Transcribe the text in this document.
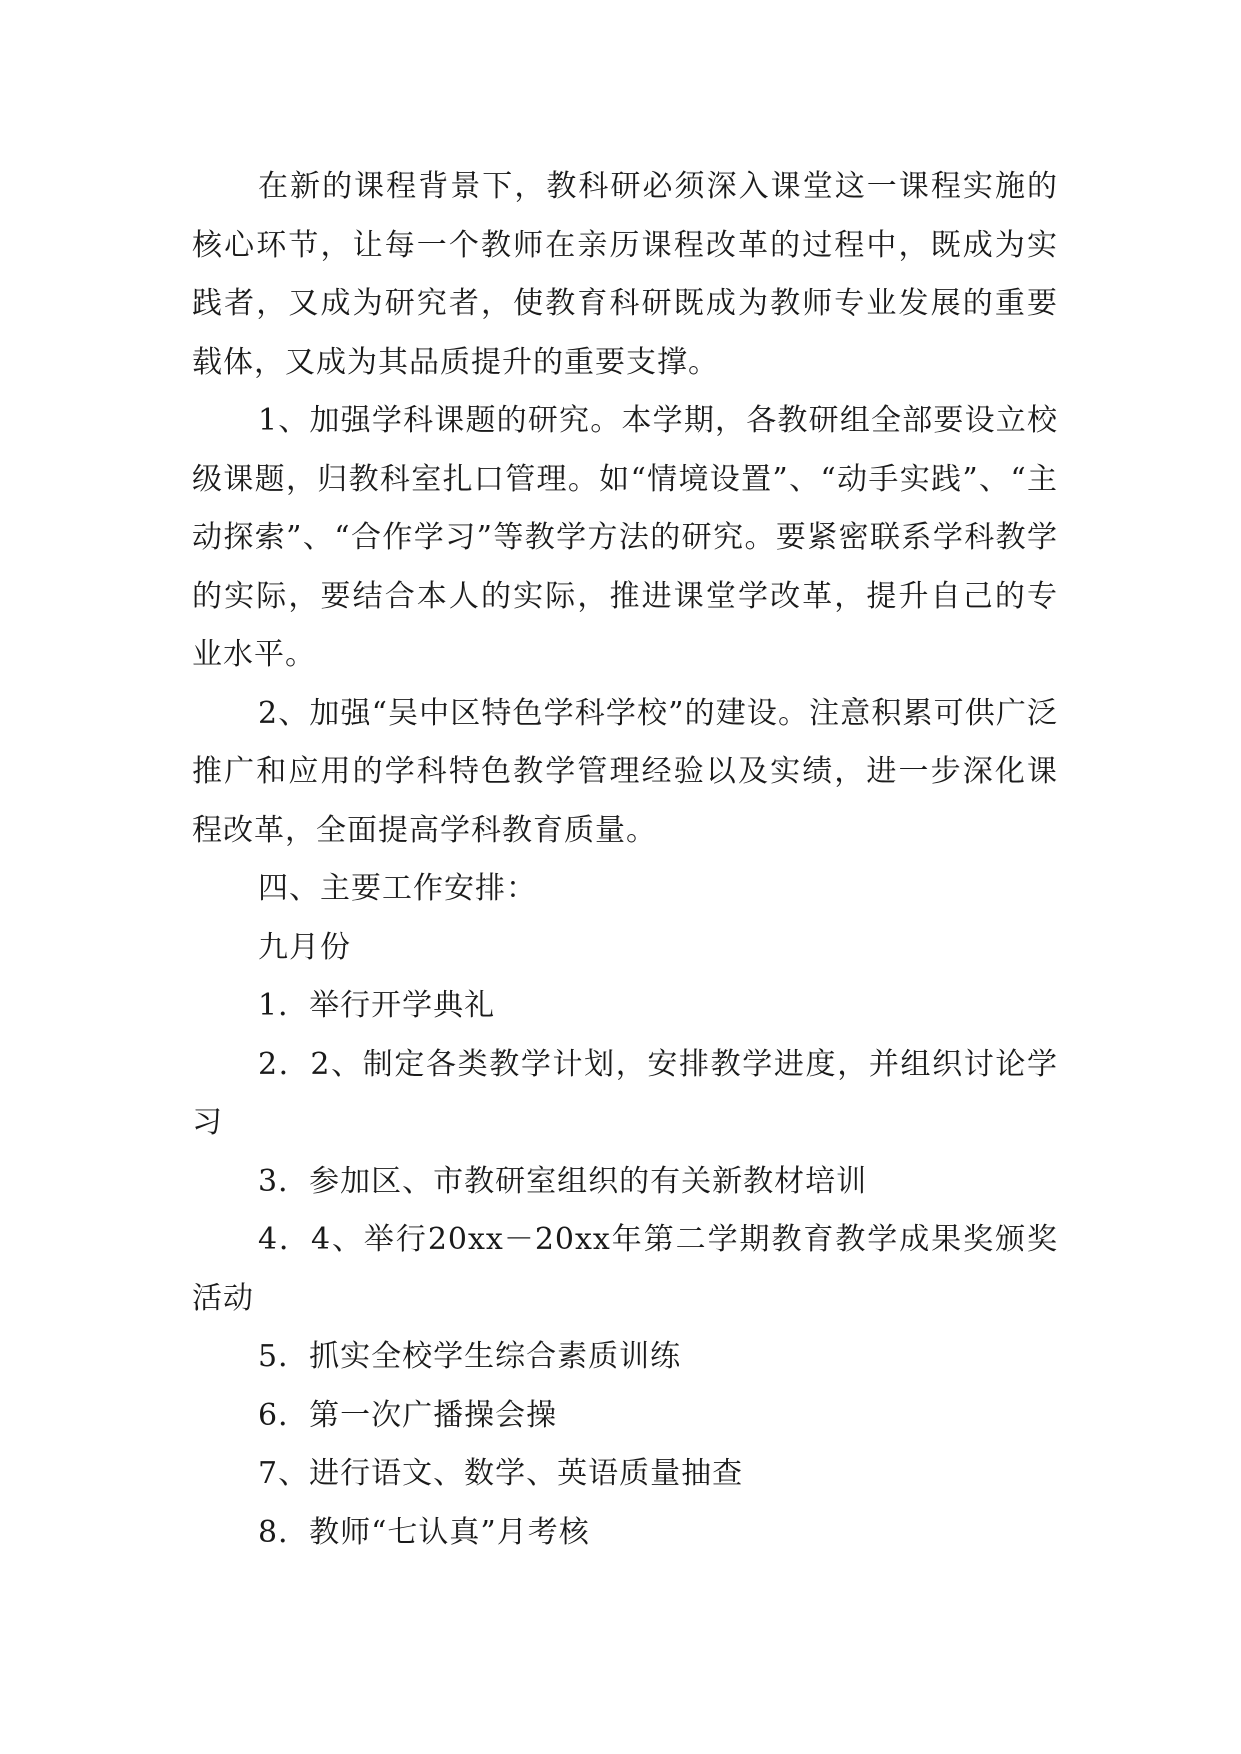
在新的课程背景下，教科研必须深入课堂这一课程实施的核心环节，让每一个教师在亲历课程改革的过程中，既成为实践者，又成为研究者，使教育科研既成为教师专业发展的重要载体，又成为其品质提升的重要支撑。

1、加强学科课题的研究。本学期，各教研组全部要设立校级课题，归教科室扎口管理。如“情境设置”、“动手实践”、“主动探索”、“合作学习”等教学方法的研究。要紧密联系学科教学的实际，要结合本人的实际，推进课堂学改革，提升自己的专业水平。

2、加强“吴中区特色学科学校”的建设。注意积累可供广泛推广和应用的学科特色教学管理经验以及实绩，进一步深化课程改革，全面提高学科教育质量。

四、主要工作安排：

九月份

1．举行开学典礼

2．2、制定各类教学计划，安排教学进度，并组织讨论学习

3．参加区、市教研室组织的有关新教材培训

4．4、举行20xx－20xx年第二学期教育教学成果奖颁奖活动

5．抓实全校学生综合素质训练

6．第一次广播操会操

7、进行语文、数学、英语质量抽查

8．教师“七认真”月考核
